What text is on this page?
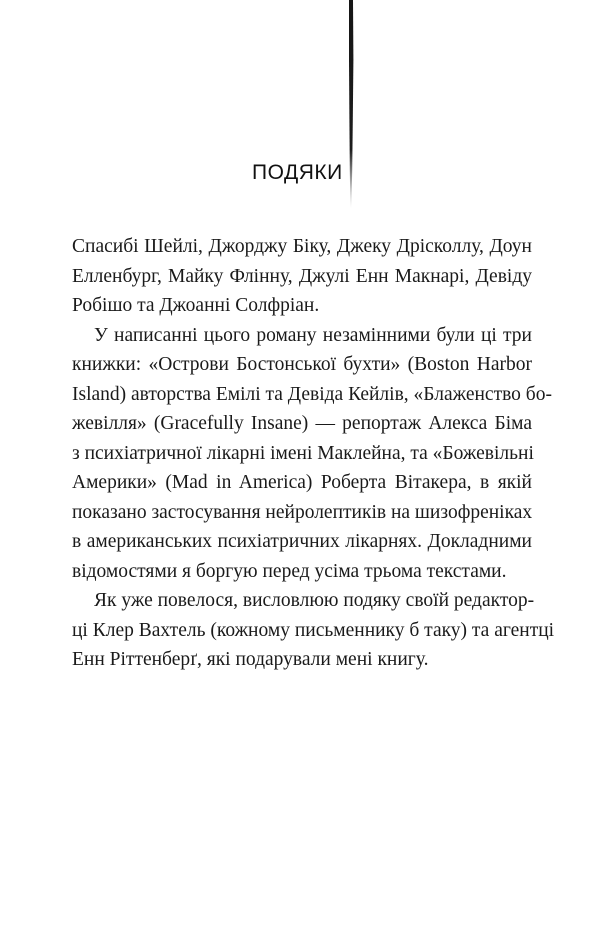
ПОДЯКИ
Спасибі Шейлі, Джорджу Біку, Джеку Дрісколлу, Доун
Елленбург, Майку Флінну, Джулі Енн Макнарі, Девіду
Робішо та Джоанні Солфріан.
У написанні цього роману незамінними були ці три
книжки: «Острови Бостонської бухти» (Boston Harbor
Island) авторства Емілі та Девіда Кейлів, «Блаженство бо-
жевілля» (Gracefully Insane) — репортаж Алекса Біма
з психіатричної лікарні імені Маклейна, та «Божевільні
Америки» (Mad in America) Роберта Вітакера, в якій
показано застосування нейролептиків на шизофреніках
в американських психіатричних лікарнях. Докладними
відомостями я боргую перед усіма трьома текстами.
Як уже повелося, висловлюю подяку своїй редактор-
ці Клер Вахтель (кожному письменнику б таку) та агентці
Енн Ріттенберґ, які подарували мені книгу.
